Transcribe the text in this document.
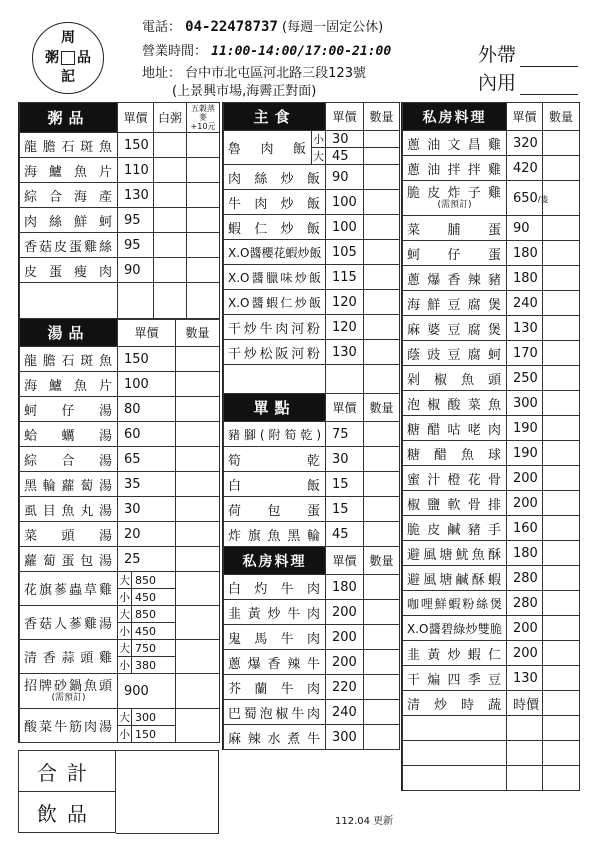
周
粥 品
記
電話： 04-22478737 (每週一固定公休)
營業時間： 11:00-14:00/17:00-21:00
地址： 台中市北屯區河北路三段123號
(上景興市場,海霽正對面)
外帶
內用
粥品	單價	白粥	五穀蒸麥
+10元
龍膽石斑魚	150		
海鱸魚片	110		
綜合海產	130		
肉絲鮮蚵	95		
香菇皮蛋雞絲	95		
皮蛋瘦肉	90		

湯品	單價		數量
龍膽石斑魚	150		
海鱸魚片	100		
蚵仔湯	80		
蛤蠣湯	60		
綜合湯	65		
黑輪蘿蔔湯	35		
虱目魚丸湯	30		
菜頭湯	20		
蘿蔔蛋包湯	25		
花旗蔘蟲草雞	大	850	
	小	450	
香菇人蔘雞湯	大	850	
	小	450	
清香蒜頭雞	大	750	
	小	380	
招牌砂鍋魚頭
(需預訂)	900		
酸菜牛筋肉湯	大	300	
	小	150	
合計
飲品
主食		單價	數量
魯肉飯	小	30	
	大	45	
肉絲炒飯		90	
牛肉炒飯		100	
蝦仁炒飯		100	
X.O醬櫻花蝦炒飯		105	
X.O醬臘味炒飯		115	
X.O醬蝦仁炒飯		120	
干炒牛肉河粉		120	
干炒松阪河粉		130	

單點		單價	數量
豬腳(附筍乾)		75	
筍乾		30	
白飯		15	
荷包蛋		15	
炸旗魚黑輪		45	
私房料理		單價	數量
白灼牛肉		180	
韭黃炒牛肉		200	
鬼馬牛肉		200	
蔥爆香辣牛		200	
芥蘭牛肉		220	
巴蜀泡椒牛肉		240	
麻辣水煮牛		300	
私房料理	單價	數量
蔥油文昌雞	320	
蔥油拌拌雞	420	
脆皮炸子雞
(需預訂)	650/隻	
菜脯蛋	90	
蚵仔蛋	180	
蔥爆香辣豬	180	
海鮮豆腐煲	240	
麻婆豆腐煲	130	
蔭豉豆腐蚵	170	
剁椒魚頭	250	
泡椒酸菜魚	300	
糖醋咕咾肉	190	
糖醋魚球	190	
蜜汁橙花骨	200	
椒鹽軟骨排	200	
脆皮鹹豬手	160	
避風塘魷魚酥	180	
避風塘鹹酥蝦	280	
咖哩鮮蝦粉絲煲	280	
X.O醬碧綠炒雙脆	200	
韭黃炒蝦仁	200	
干煸四季豆	130	
清炒時蔬	時價	

112.04 更新
